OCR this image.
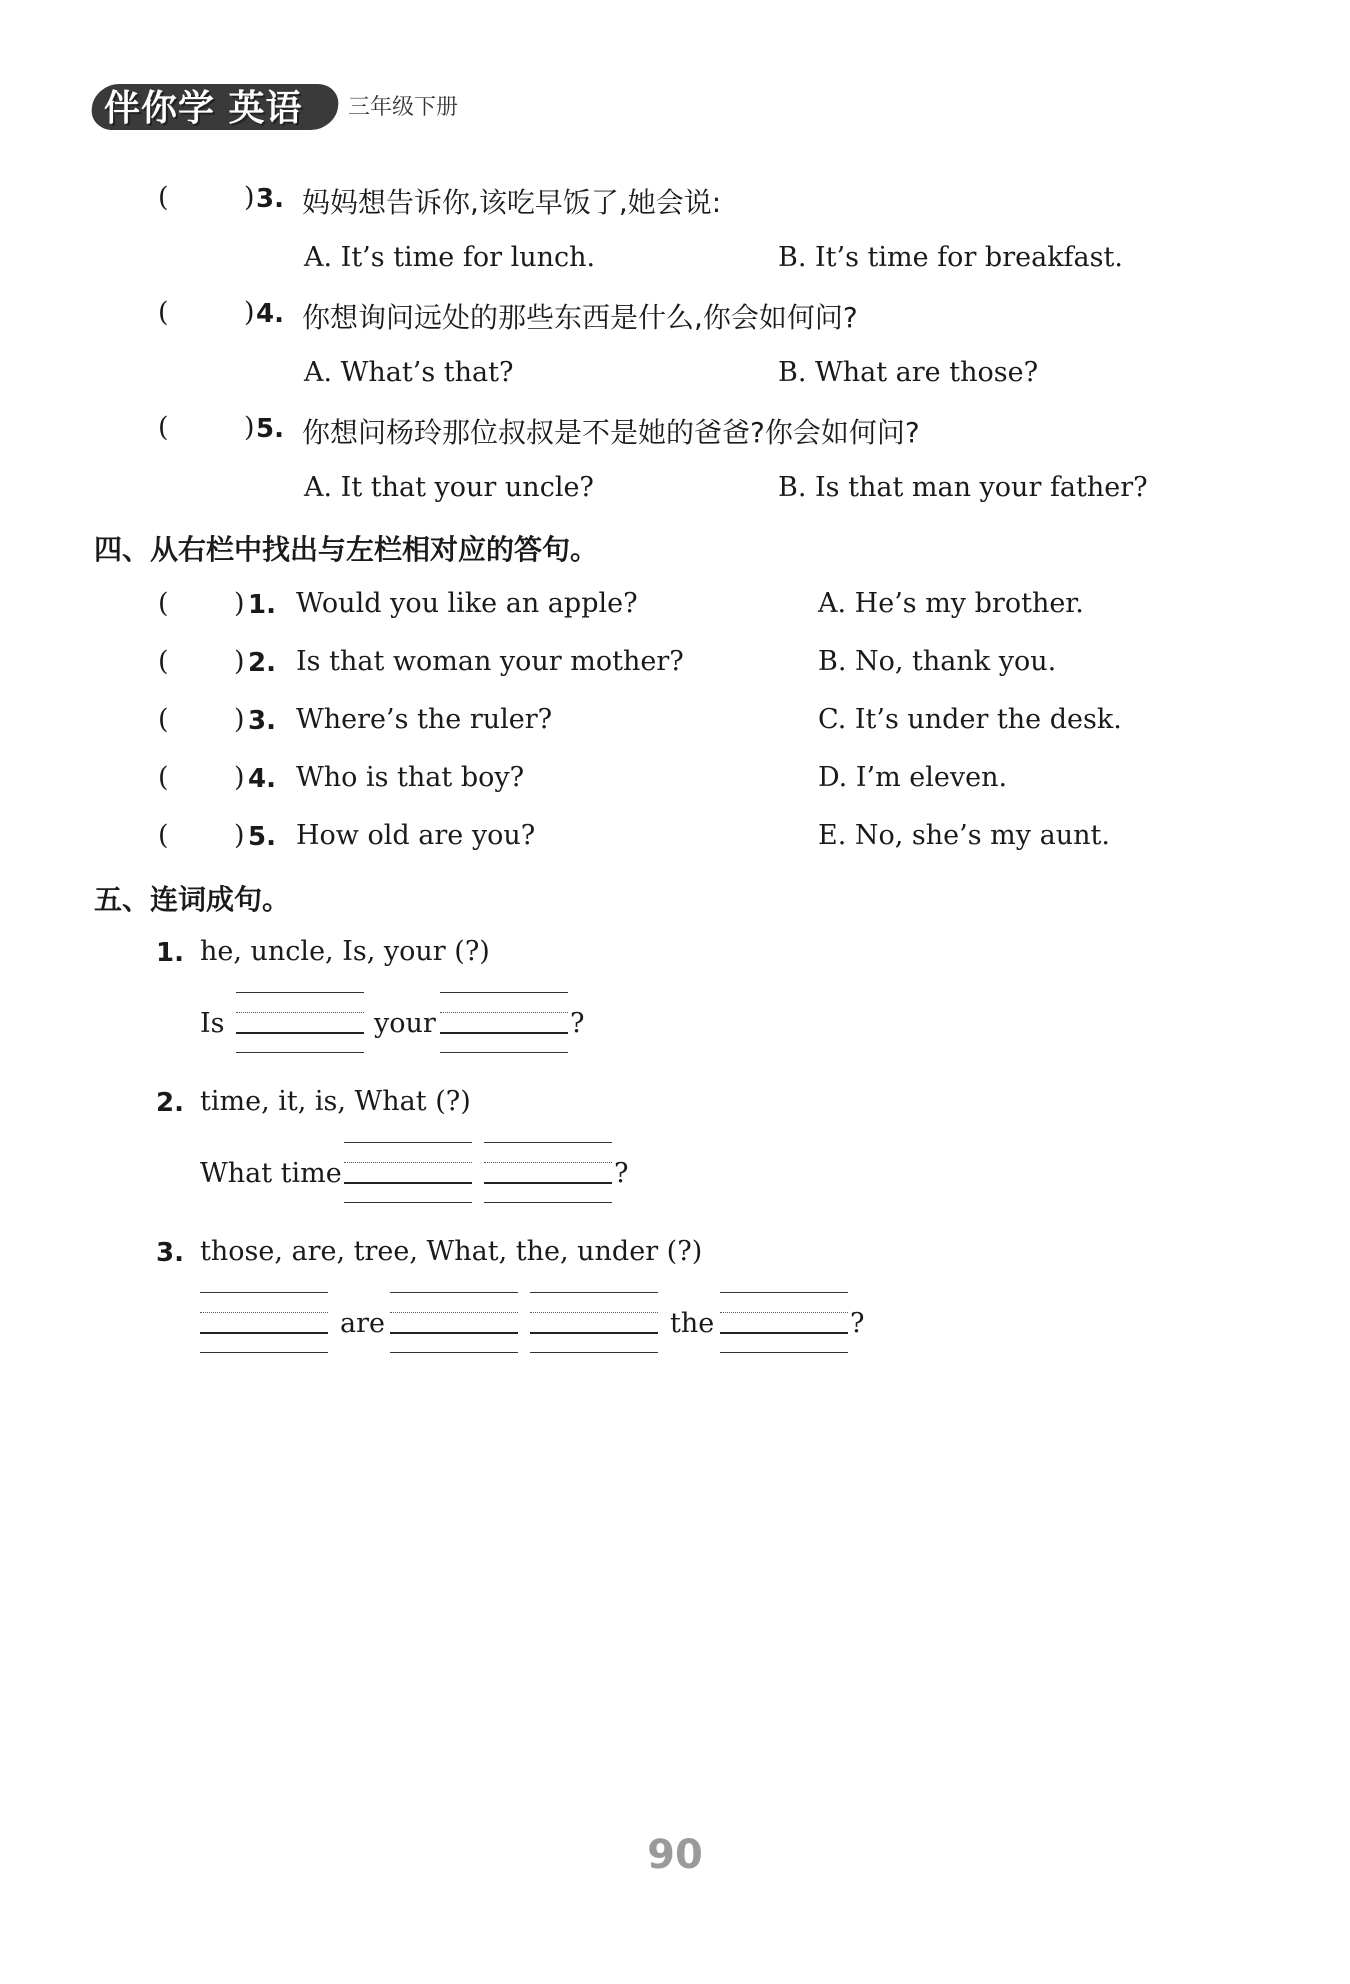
伴你学 英语 三年级下册
(	) 3. 妈妈想告诉你,该吃早饭了,她会说:
A. It’s time for lunch.	B. It’s time for breakfast.
(	) 4. 你想询问远处的那些东西是什么,你会如何问?
A. What’s that?	B. What are those?
(	) 5. 你想问杨玲那位叔叔是不是她的爸爸?你会如何问?
A. It that your uncle?	B. Is that man your father?
四、从右栏中找出与左栏相对应的答句。
( ) 1. Would you like an apple?	A. He’s my brother.
( ) 2. Is that woman your mother?	B. No, thank you.
( ) 3. Where’s the ruler?	C. It’s under the desk.
( ) 4. Who is that boy?	D. I’m eleven.
( ) 5. How old are you?	E. No, she’s my aunt.
五、连词成句。
1. he, uncle, Is, your (?)
Is	your	?
2. time, it, is, What (?)
What time	?
3. those, are, tree, What, the, under (?)
are	the	?
90
